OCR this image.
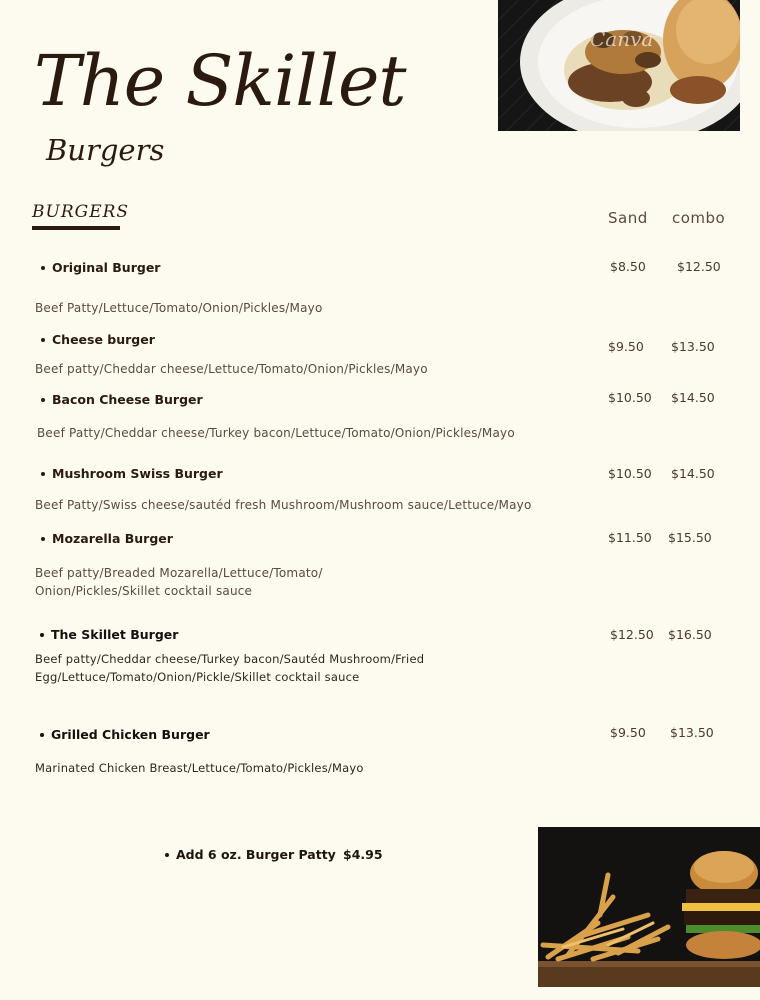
Canva
The Skillet
Burgers
BURGERS	Sand combo
Original Burger	$8.50 $12.50
Beef Patty/Lettuce/Tomato/Onion/Pickles/Mayo
Cheese burger	$9.50 $13.50
Beef patty/Cheddar cheese/Lettuce/Tomato/Onion/Pickles/Mayo
Bacon Cheese Burger	$10.50 $14.50
Beef Patty/Cheddar cheese/Turkey bacon/Lettuce/Tomato/Onion/Pickles/Mayo
Mushroom Swiss Burger	$10.50 $14.50
Beef Patty/Swiss cheese/sautéd fresh Mushroom/Mushroom sauce/Lettuce/Mayo
Mozarella Burger	$11.50 $15.50
Beef patty/Breaded Mozarella/Lettuce/Tomato/
Onion/Pickles/Skillet cocktail sauce
The Skillet Burger	$12.50 $16.50
Beef patty/Cheddar cheese/Turkey bacon/Sautéd Mushroom/Fried
Egg/Lettuce/Tomato/Onion/Pickle/Skillet cocktail sauce
Grilled Chicken Burger	$9.50 $13.50
Marinated Chicken Breast/Lettuce/Tomato/Pickles/Mayo
Add 6 oz. Burger Patty $4.95
